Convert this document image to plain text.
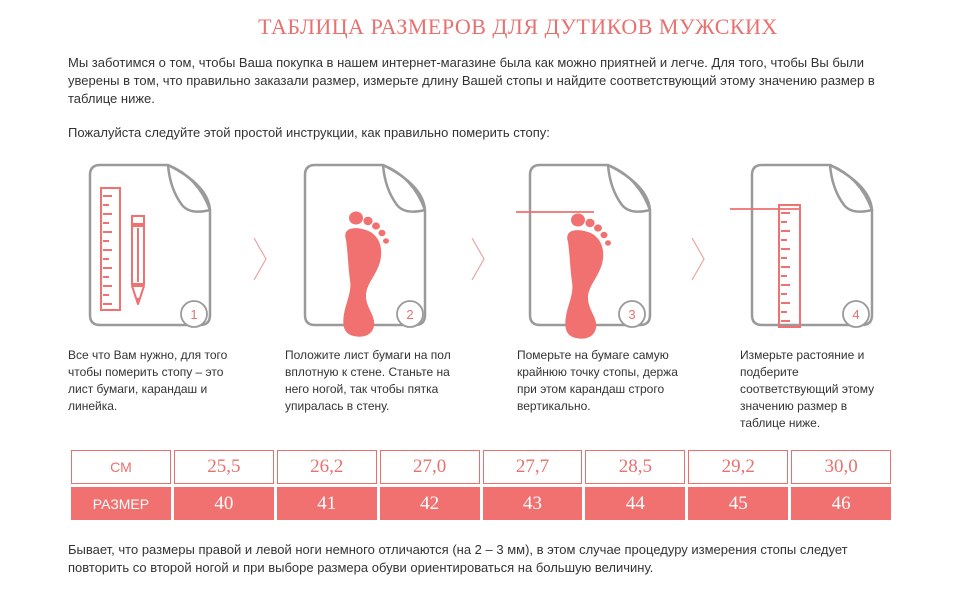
ТАБЛИЦА РАЗМЕРОВ ДЛЯ ДУТИКОВ МУЖСКИХ
Мы заботимся о том, чтобы Ваша покупка в нашем интернет-магазине была как можно приятней и легче. Для того, чтобы Вы были уверены в том, что правильно заказали размер, измерьте длину Вашей стопы и найдите соответствующий этому значению размер в таблице ниже.
Пожалуйста следуйте этой простой инструкции, как правильно померить стопу:
1	2	3	4
Все что Вам нужно, для того чтобы померить стопу – это лист бумаги, карандаш и линейка.
Положите лист бумаги на пол вплотную к стене. Станьте на него ногой, так чтобы пятка упиралась в стену.
Померьте на бумаге самую крайнюю точку стопы, держа при этом карандаш строго вертикально.
Измерьте растояние и подберите соответствующий этому значению размер в таблице ниже.
СМ	25,5	26,2	27,0	27,7	28,5	29,2	30,0
РАЗМЕР	40	41	42	43	44	45	46
Бывает, что размеры правой и левой ноги немного отличаются (на 2 – 3 мм), в этом случае процедуру измерения стопы следует повторить со второй ногой и при выборе размера обуви ориентироваться на большую величину.
